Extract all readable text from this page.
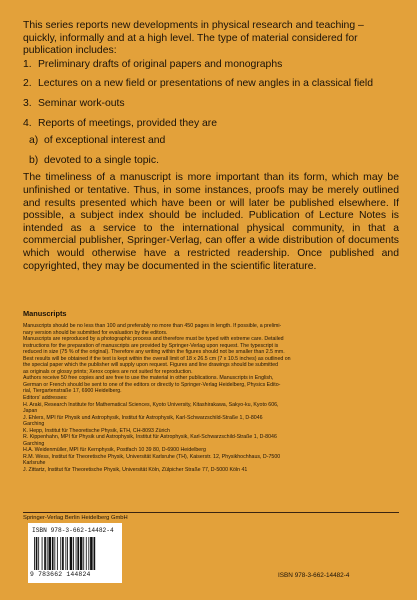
This series reports new developments in physical research and teaching – quickly, informally and at a high level. The type of material considered for publication includes:

1. Preliminary drafts of original papers and monographs
2. Lectures on a new field or presentations of new angles in a classical field
3. Seminar work-outs
4. Reports of meetings, provided they are
a) of exceptional interest and
b) devoted to a single topic.

The timeliness of a manuscript is more important than its form, which may be unfinished or tentative. Thus, in some instances, proofs may be merely outlined and results presented which have been or will later be published elsewhere. If possible, a subject index should be included. Publication of Lecture Notes is intended as a service to the international physical community, in that a commercial publisher, Springer-Verlag, can offer a wide distribution of documents which would otherwise have a restricted readership. Once published and copyrighted, they may be documented in the scientific literature.

Manuscripts

Manuscripts should be no less than 100 and preferably no more than 450 pages in length. If possible, a prelimi-

nary version should be submitted for evaluation by the editors.

Manuscripts are reproduced by a photographic process and therefore must be typed with extreme care. Detailed

instructions for the preparation of manuscripts are provided by Springer-Verlag upon request. The typescript is

reduced in size (75 % of the original). Therefore any writing within the figures should not be smaller than 2.5 mm.

Best results will be obtained if the text is kept within the overall limit of 18 x 26.5 cm (7 x 10.5 inches) as outlined on

the special paper which the publisher will supply upon request. Figures and line drawings should be submitted

as originals or glossy prints; Xerox copies are not suited for reproduction.

Authors receive 50 free copies and are free to use the material in other publications. Manuscripts in English,

German or French should be sent to one of the editors or directly to Springer-Verlag Heidelberg, Physics Edito-

rial, Tiergartenstraße 17, 6900 Heidelberg.

Editors' addresses:

H. Araki, Research Institute for Mathematical Sciences, Kyoto University, Kitashirakawa, Sakyo-ku, Kyoto 606,

Japan

J. Ehlers, MPI für Physik und Astrophysik, Institut für Astrophysik, Karl-Schwarzschild-Straße 1, D-8046

Garching

K. Hepp, Institut für Theoretische Physik, ETH, CH-8093 Zürich

R. Kippenhahn, MPI für Physik und Astrophysik, Institut für Astrophysik, Karl-Schwarzschild-Straße 1, D-8046

Garching

H.A. Weidenmüller, MPI für Kernphysik, Postfach 10 39 80, D-6900 Heidelberg

R.M. Wess, Institut für Theoretische Physik, Universität Karlsruhe (TH), Kaiserstr. 12, Physikhochhaus, D-7500

Karlsruhe

J. Zittartz, Institut für Theoretische Physik, Universität Köln, Zülpicher Straße 77, D-5000 Köln 41

Springer-Verlag Berlin Heidelberg GmbH
ISBN 978-3-662-14482-4
9 783662 144824	ISBN 978-3-662-14482-4
